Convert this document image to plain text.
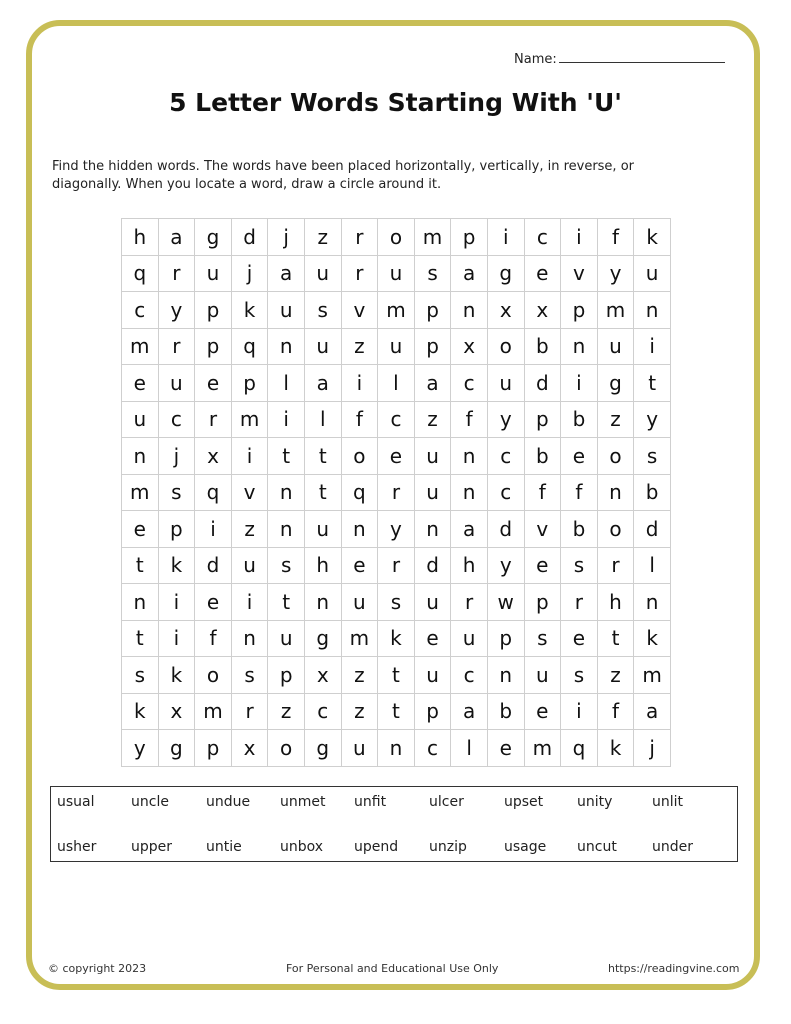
Name:
5 Letter Words Starting With 'U'
Find the hidden words. The words have been placed horizontally, vertically, in reverse, or diagonally. When you locate a word, draw a circle around it.
h	a	g	d	j	z	r	o	m	p	i	c	i	f	k
q	r	u	j	a	u	r	u	s	a	g	e	v	y	u
c	y	p	k	u	s	v	m	p	n	x	x	p	m	n
m	r	p	q	n	u	z	u	p	x	o	b	n	u	i
e	u	e	p	l	a	i	l	a	c	u	d	i	g	t
u	c	r	m	i	l	f	c	z	f	y	p	b	z	y
n	j	x	i	t	t	o	e	u	n	c	b	e	o	s
m	s	q	v	n	t	q	r	u	n	c	f	f	n	b
e	p	i	z	n	u	n	y	n	a	d	v	b	o	d
t	k	d	u	s	h	e	r	d	h	y	e	s	r	l
n	i	e	i	t	n	u	s	u	r	w	p	r	h	n
t	i	f	n	u	g	m	k	e	u	p	s	e	t	k
s	k	o	s	p	x	z	t	u	c	n	u	s	z	m
k	x	m	r	z	c	z	t	p	a	b	e	i	f	a
y	g	p	x	o	g	u	n	c	l	e	m	q	k	j
usual	uncle	undue unmet unfit	ulcer	upset unity	unlit
usher upper untie	unbox upend unzip	usage uncut	under
© copyright 2023	For Personal and Educational Use Only	https://readingvine.com
